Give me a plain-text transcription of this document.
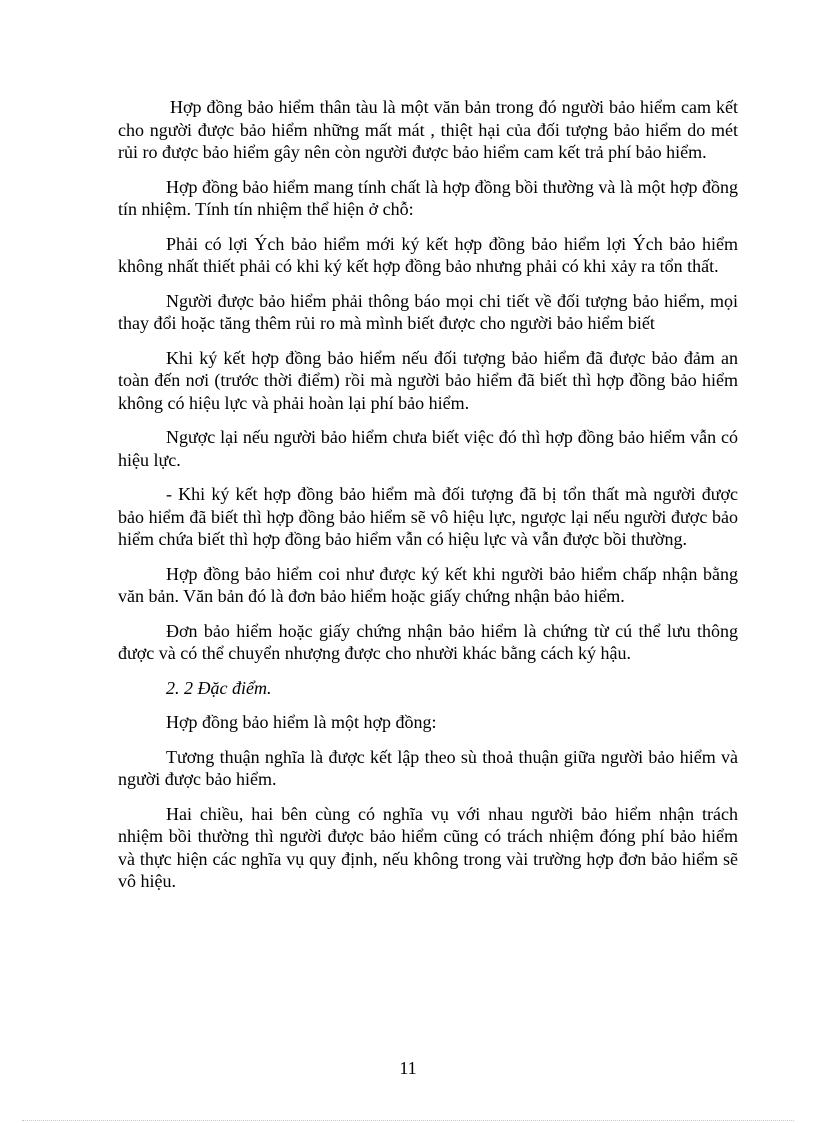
Hợp đồng bảo hiểm thân tàu là một văn bản trong đó người bảo hiểm cam kết cho người được bảo hiểm những mất mát , thiệt hại của đối tượng bảo hiểm do mét rủi ro được bảo hiểm gây nên còn người được bảo hiểm cam kết trả phí bảo hiểm.

Hợp đồng bảo hiểm mang tính chất là hợp đồng bồi thường và là một hợp đồng tín nhiệm. Tính tín nhiệm thể hiện ở chỗ:

Phải có lợi Ých bảo hiểm mới ký kết hợp đồng bảo hiểm lợi Ých bảo hiểm không nhất thiết phải có khi ký kết hợp đồng bảo nhưng phải có khi xảy ra tổn thất.

Người được bảo hiểm phải thông báo mọi chi tiết về đối tượng bảo hiểm, mọi thay đổi hoặc tăng thêm rủi ro mà mình biết được cho người bảo hiểm biết

Khi ký kết hợp đồng bảo hiểm nếu đối tượng bảo hiểm đã được bảo đảm an toàn đến nơi (trước thời điểm) rồi mà người bảo hiểm đã biết thì hợp đồng bảo hiểm không có hiệu lực và phải hoàn lại phí bảo hiểm.

Ngược lại nếu người bảo hiểm chưa biết việc đó thì hợp đồng bảo hiểm vẫn có hiệu lực.

- Khi ký kết hợp đồng bảo hiểm mà đối tượng đã bị tổn thất mà người được bảo hiểm đã biết thì hợp đồng bảo hiểm sẽ vô hiệu lực, ngược lại nếu người được bảo hiểm chứa biết thì hợp đồng bảo hiểm vẫn có hiệu lực và vẫn được bồi thường.

Hợp đồng bảo hiểm coi như được ký kết khi người bảo hiểm chấp nhận bằng văn bản. Văn bản đó là đơn bảo hiểm hoặc giấy chứng nhận bảo hiểm.

Đơn bảo hiểm hoặc giấy chứng nhận bảo hiểm là chứng từ cú thể lưu thông được và có thể chuyển nhượng được cho nhười khác bằng cách ký hậu.

2. 2 Đặc điểm.

Hợp đồng bảo hiểm là một hợp đồng:

Tương thuận nghĩa là được kết lập theo sù thoả thuận giữa người bảo hiểm và người được bảo hiểm.

Hai chiều, hai bên cùng có nghĩa vụ với nhau người bảo hiểm nhận trách nhiệm bồi thường thì người được bảo hiểm cũng có trách nhiệm đóng phí bảo hiểm và thực hiện các nghĩa vụ quy định, nếu không trong vài trường hợp đơn bảo hiểm sẽ vô hiệu.

11
